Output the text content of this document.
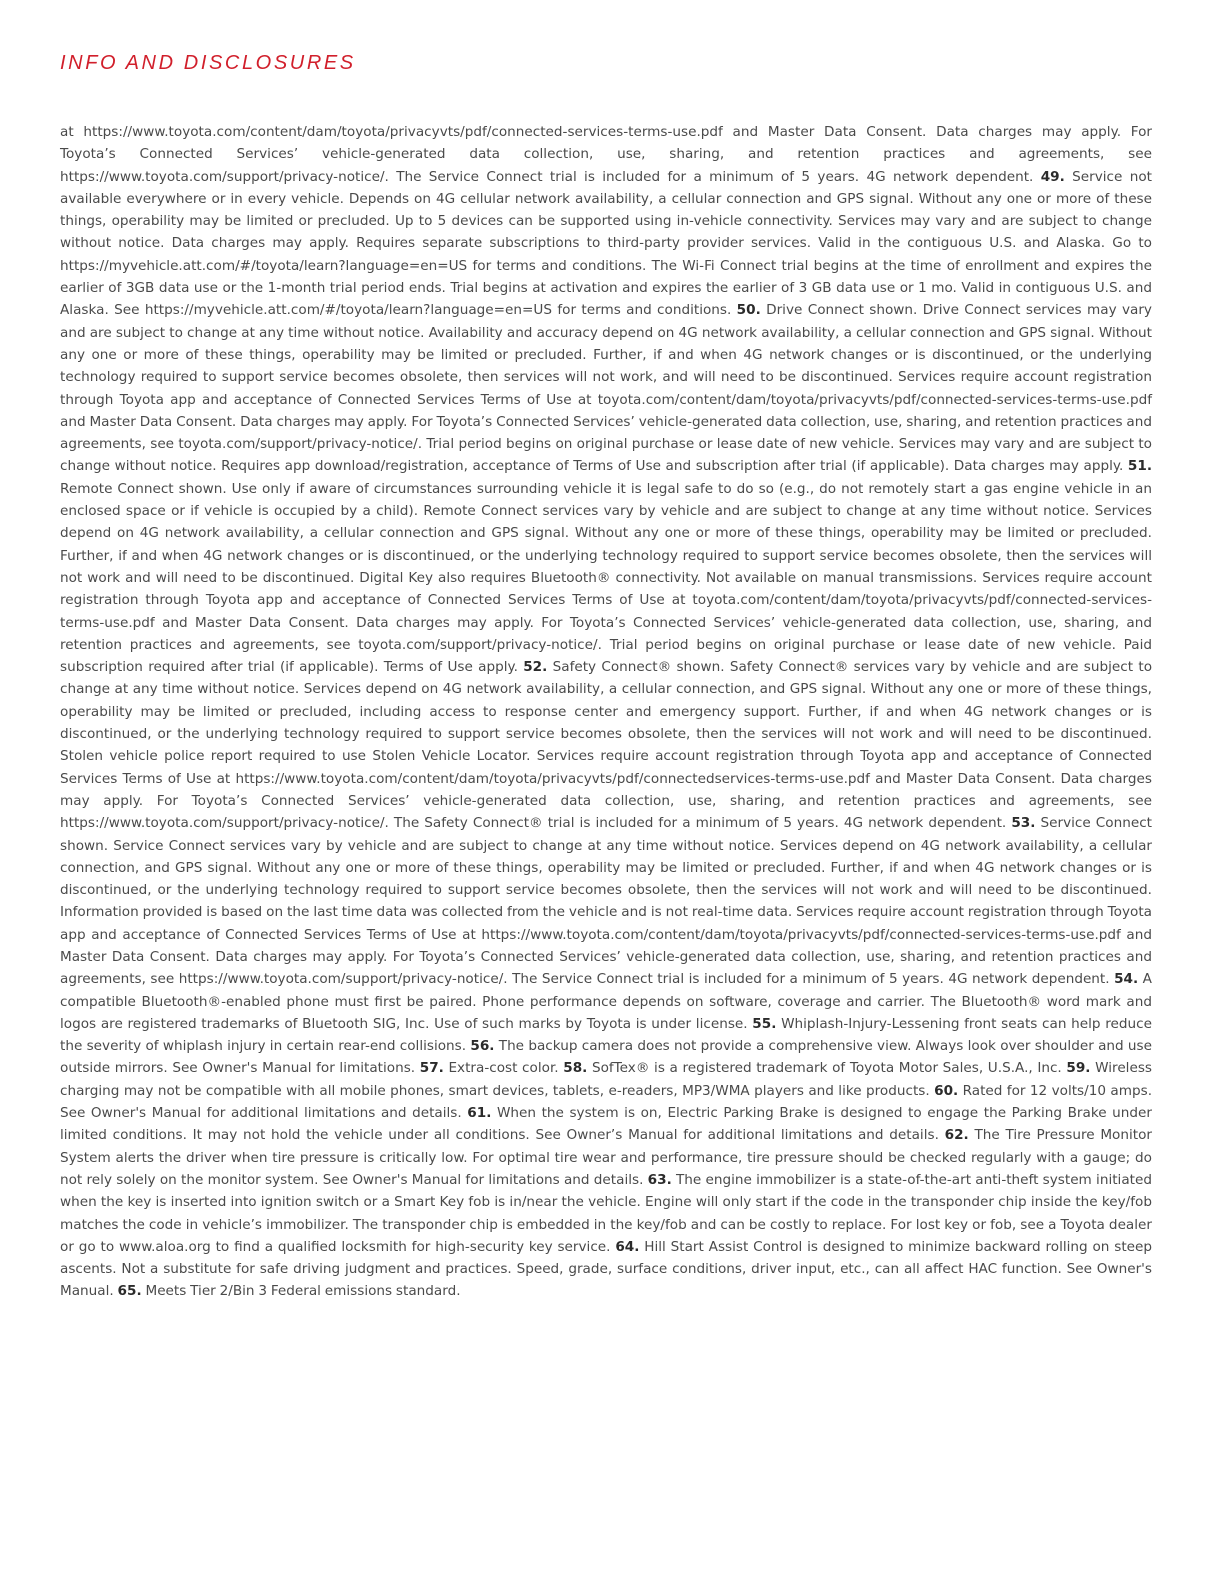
INFO AND DISCLOSURES

at https://www.toyota.com/content/dam/toyota/privacyvts/pdf/connected-services-terms-use.pdf and Master Data Consent. Data charges may apply. For Toyota’s Connected Services’ vehicle-generated data collection, use, sharing, and retention practices and agreements, see https://www.toyota.com/support/privacy-notice/. The Service Connect trial is included for a minimum of 5 years. 4G network dependent. 49. Service not available everywhere or in every vehicle. Depends on 4G cellular network availability, a cellular connection and GPS signal. Without any one or more of these things, operability may be limited or precluded. Up to 5 devices can be supported using in-vehicle connectivity. Services may vary and are subject to change without notice. Data charges may apply. Requires separate subscriptions to third-party provider services. Valid in the contiguous U.S. and Alaska. Go to https://myvehicle.att.com/#/toyota/learn?language=en=US for terms and conditions. The Wi-Fi Connect trial begins at the time of enrollment and expires the earlier of 3GB data use or the 1-month trial period ends. Trial begins at activation and expires the earlier of 3 GB data use or 1 mo. Valid in contiguous U.S. and Alaska. See https://myvehicle.att.com/#/toyota/learn?language=en=US for terms and conditions. 50. Drive Connect shown. Drive Connect services may vary and are subject to change at any time without notice. Availability and accuracy depend on 4G network availability, a cellular connection and GPS signal. Without any one or more of these things, operability may be limited or precluded. Further, if and when 4G network changes or is discontinued, or the underlying technology required to support service becomes obsolete, then services will not work, and will need to be discontinued. Services require account registration through Toyota app and acceptance of Connected Services Terms of Use at toyota.com/content/dam/toyota/privacyvts/pdf/connected-services-terms-use.pdf and Master Data Consent. Data charges may apply. For Toyota’s Connected Services’ vehicle-generated data collection, use, sharing, and retention practices and agreements, see toyota.com/support/privacy-notice/. Trial period begins on original purchase or lease date of new vehicle. Services may vary and are subject to change without notice. Requires app download/registration, acceptance of Terms of Use and subscription after trial (if applicable). Data charges may apply. 51. Remote Connect shown. Use only if aware of circumstances surrounding vehicle it is legal safe to do so (e.g., do not remotely start a gas engine vehicle in an enclosed space or if vehicle is occupied by a child). Remote Connect services vary by vehicle and are subject to change at any time without notice. Services depend on 4G network availability, a cellular connection and GPS signal. Without any one or more of these things, operability may be limited or precluded. Further, if and when 4G network changes or is discontinued, or the underlying technology required to support service becomes obsolete, then the services will not work and will need to be discontinued. Digital Key also requires Bluetooth® connectivity. Not available on manual transmissions. Services require account registration through Toyota app and acceptance of Connected Services Terms of Use at toyota.com/content/dam/toyota/privacyvts/pdf/connected-services-terms-use.pdf and Master Data Consent. Data charges may apply. For Toyota’s Connected Services’ vehicle-generated data collection, use, sharing, and retention practices and agreements, see toyota.com/support/privacy-notice/. Trial period begins on original purchase or lease date of new vehicle. Paid subscription required after trial (if applicable). Terms of Use apply. 52. Safety Connect® shown. Safety Connect® services vary by vehicle and are subject to change at any time without notice. Services depend on 4G network availability, a cellular connection, and GPS signal. Without any one or more of these things, operability may be limited or precluded, including access to response center and emergency support. Further, if and when 4G network changes or is discontinued, or the underlying technology required to support service becomes obsolete, then the services will not work and will need to be discontinued. Stolen vehicle police report required to use Stolen Vehicle Locator. Services require account registration through Toyota app and acceptance of Connected Services Terms of Use at https://www.toyota.com/content/dam/toyota/privacyvts/pdf/connectedservices-terms-use.pdf and Master Data Consent. Data charges may apply. For Toyota’s Connected Services’ vehicle-generated data collection, use, sharing, and retention practices and agreements, see https://www.toyota.com/support/privacy-notice/. The Safety Connect® trial is included for a minimum of 5 years. 4G network dependent. 53. Service Connect shown. Service Connect services vary by vehicle and are subject to change at any time without notice. Services depend on 4G network availability, a cellular connection, and GPS signal. Without any one or more of these things, operability may be limited or precluded. Further, if and when 4G network changes or is discontinued, or the underlying technology required to support service becomes obsolete, then the services will not work and will need to be discontinued. Information provided is based on the last time data was collected from the vehicle and is not real-time data. Services require account registration through Toyota app and acceptance of Connected Services Terms of Use at https://www.toyota.com/content/dam/toyota/privacyvts/pdf/connected-services-terms-use.pdf and Master Data Consent. Data charges may apply. For Toyota’s Connected Services’ vehicle-generated data collection, use, sharing, and retention practices and agreements, see https://www.toyota.com/support/privacy-notice/. The Service Connect trial is included for a minimum of 5 years. 4G network dependent. 54. A compatible Bluetooth®-enabled phone must first be paired. Phone performance depends on software, coverage and carrier. The Bluetooth® word mark and logos are registered trademarks of Bluetooth SIG, Inc. Use of such marks by Toyota is under license. 55. Whiplash-Injury-Lessening front seats can help reduce the severity of whiplash injury in certain rear-end collisions. 56. The backup camera does not provide a comprehensive view. Always look over shoulder and use outside mirrors. See Owner's Manual for limitations. 57. Extra-cost color. 58. SofTex® is a registered trademark of Toyota Motor Sales, U.S.A., Inc. 59. Wireless charging may not be compatible with all mobile phones, smart devices, tablets, e-readers, MP3/WMA players and like products. 60. Rated for 12 volts/10 amps. See Owner's Manual for additional limitations and details. 61. When the system is on, Electric Parking Brake is designed to engage the Parking Brake under limited conditions. It may not hold the vehicle under all conditions. See Owner’s Manual for additional limitations and details. 62. The Tire Pressure Monitor System alerts the driver when tire pressure is critically low. For optimal tire wear and performance, tire pressure should be checked regularly with a gauge; do not rely solely on the monitor system. See Owner's Manual for limitations and details. 63. The engine immobilizer is a state-of-the-art anti-theft system initiated when the key is inserted into ignition switch or a Smart Key fob is in/near the vehicle. Engine will only start if the code in the transponder chip inside the key/fob matches the code in vehicle’s immobilizer. The transponder chip is embedded in the key/fob and can be costly to replace. For lost key or fob, see a Toyota dealer or go to www.aloa.org to find a qualified locksmith for high-security key service. 64. Hill Start Assist Control is designed to minimize backward rolling on steep ascents. Not a substitute for safe driving judgment and practices. Speed, grade, surface conditions, driver input, etc., can all affect HAC function. See Owner's Manual. 65. Meets Tier 2/Bin 3 Federal emissions standard.
